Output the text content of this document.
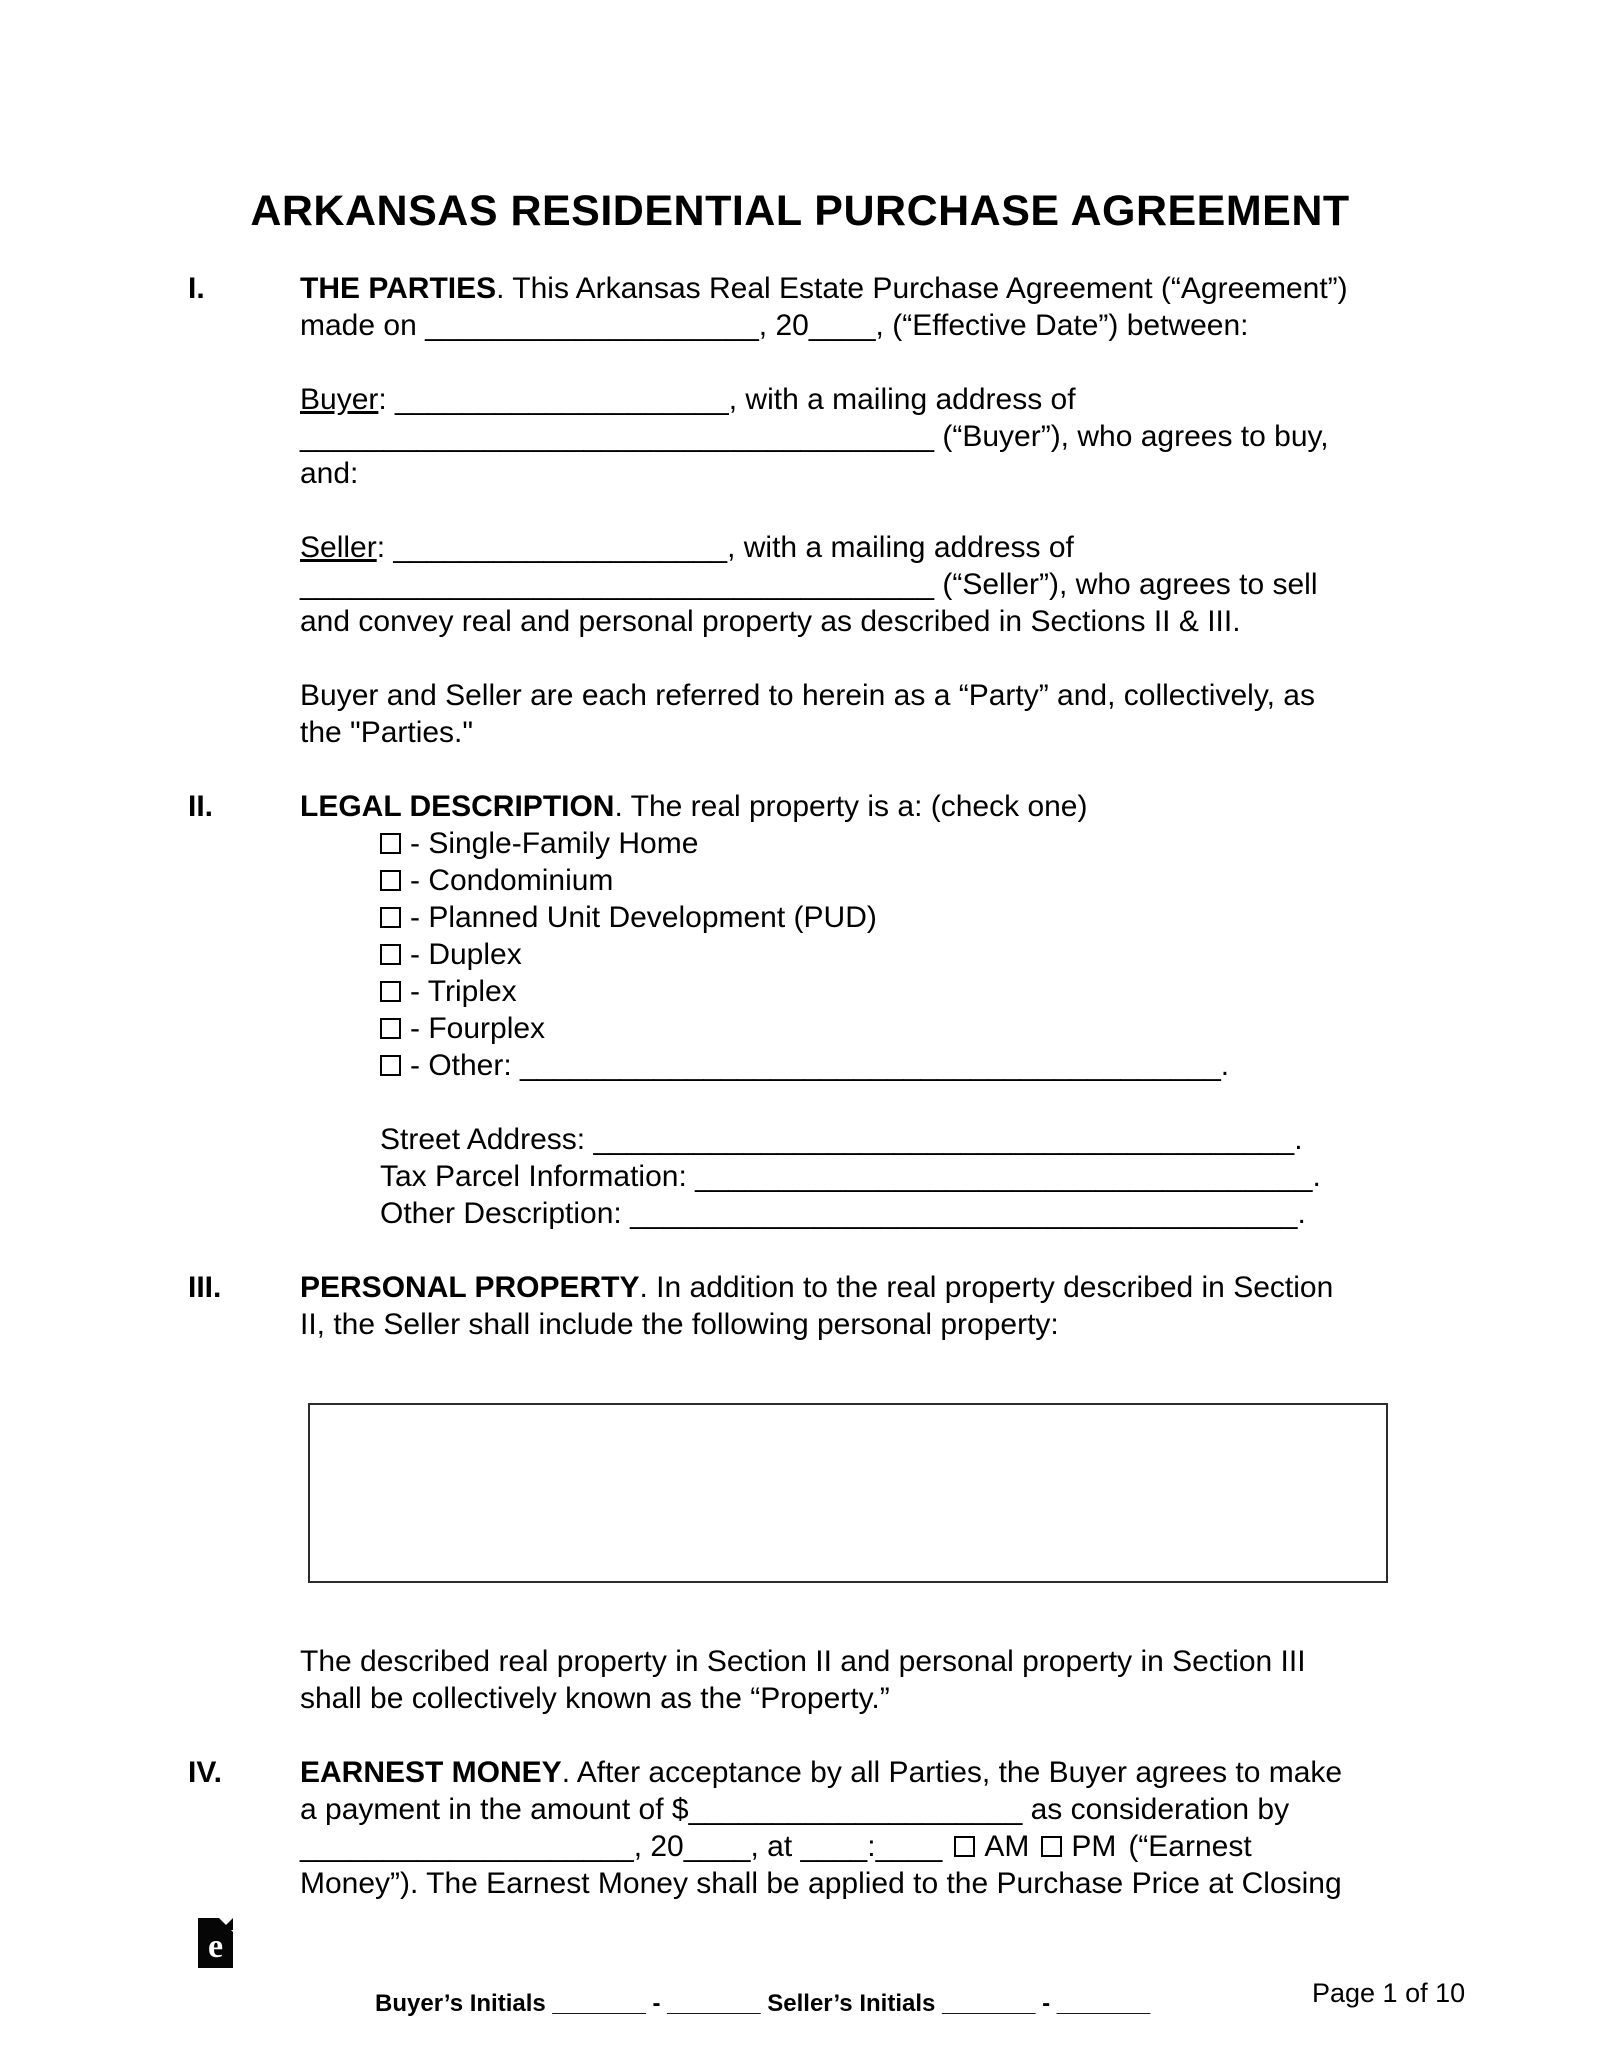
ARKANSAS RESIDENTIAL PURCHASE AGREEMENT
I.	THE PARTIES. This Arkansas Real Estate Purchase Agreement (“Agreement”)
made on ____________________, 20____, (“Effective Date”) between:
Buyer: ____________________, with a mailing address of
______________________________________ (“Buyer”), who agrees to buy,
and:
Seller: ____________________, with a mailing address of
______________________________________ (“Seller”), who agrees to sell
and convey real and personal property as described in Sections II & III.
Buyer and Seller are each referred to herein as a “Party” and, collectively, as
the "Parties."
II.	LEGAL DESCRIPTION. The real property is a: (check one)
- Single-Family Home
- Condominium
- Planned Unit Development (PUD)
- Duplex
- Triplex
- Fourplex
- Other: __________________________________________.
Street Address: __________________________________________.
Tax Parcel Information: _____________________________________.
Other Description: ________________________________________.
III.	PERSONAL PROPERTY. In addition to the real property described in Section
II, the Seller shall include the following personal property:
The described real property in Section II and personal property in Section III
shall be collectively known as the “Property.”
IV.	EARNEST MONEY. After acceptance by all Parties, the Buyer agrees to make
a payment in the amount of $____________________ as consideration by
____________________, 20____, at ____:____ AM PM (“Earnest
Money”). The Earnest Money shall be applied to the Purchase Price at Closing
e
Buyer’s Initials _______ - _______ Seller’s Initials _______ - _______	Page 1 of 10
